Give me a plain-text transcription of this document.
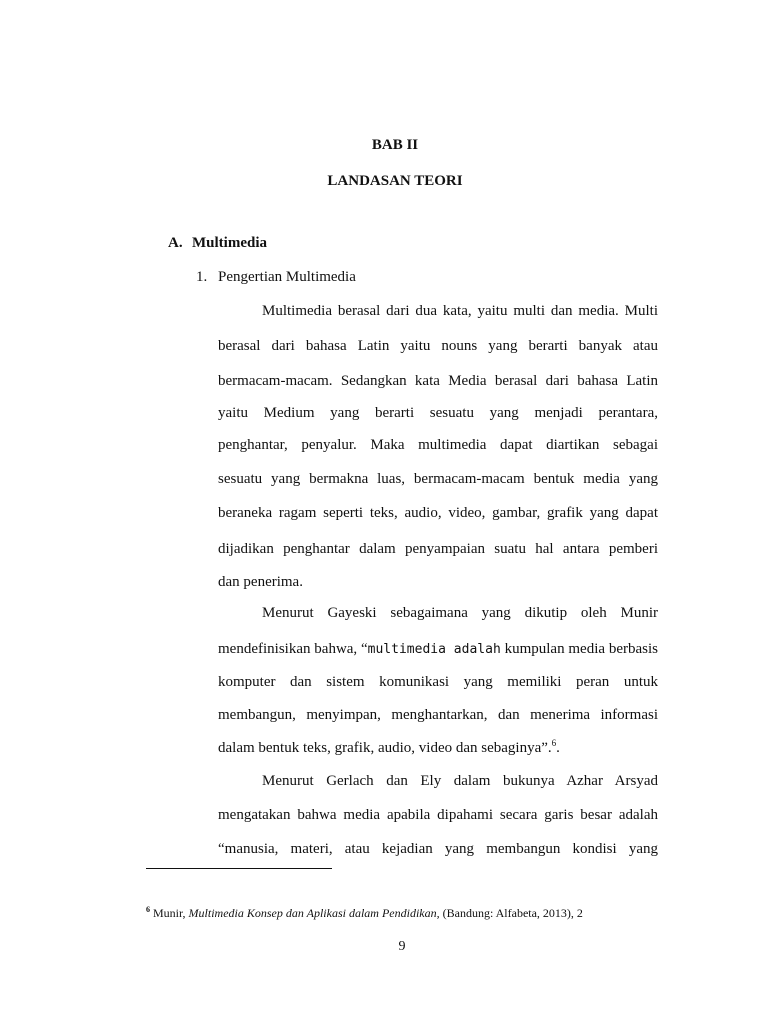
BAB II
LANDASAN TEORI
A. Multimedia
1. Pengertian Multimedia
Multimedia berasal dari dua kata, yaitu multi dan media. Multi
berasal dari bahasa Latin yaitu nouns yang berarti banyak atau
bermacam-macam. Sedangkan kata Media berasal dari bahasa Latin
yaitu Medium yang berarti sesuatu yang menjadi perantara,
penghantar, penyalur. Maka multimedia dapat diartikan sebagai
sesuatu yang bermakna luas, bermacam-macam bentuk media yang
beraneka ragam seperti teks, audio, video, gambar, grafik yang dapat
dijadikan penghantar dalam penyampaian suatu hal antara pemberi
dan penerima.
Menurut Gayeski sebagaimana yang dikutip oleh Munir
mendefinisikan bahwa, “multimedia adalah kumpulan media berbasis
komputer dan sistem komunikasi yang memiliki peran untuk
membangun, menyimpan, menghantarkan, dan menerima informasi
dalam bentuk teks, grafik, audio, video dan sebaginya”.$^6$.
Menurut Gerlach dan Ely dalam bukunya Azhar Arsyad
mengatakan bahwa media apabila dipahami secara garis besar adalah
“manusia, materi, atau kejadian yang membangun kondisi yang
$^6$ Munir, Multimedia Konsep dan Aplikasi dalam Pendidikan, (Bandung: Alfabeta, 2013), 2
9
